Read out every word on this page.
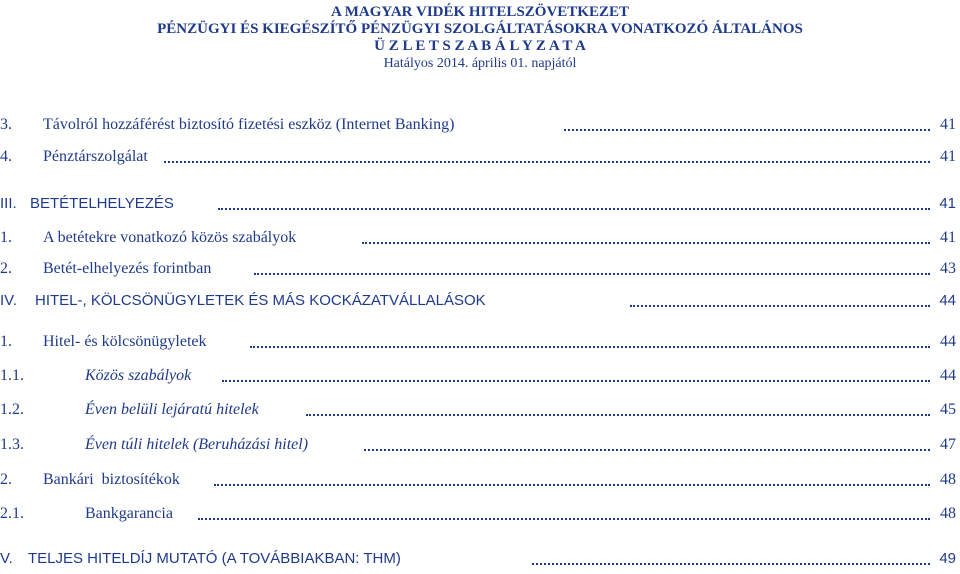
A MAGYAR VIDÉK HITELSZÖVETKEZET
PÉNZÜGYI ÉS KIEGÉSZÍTŐ PÉNZÜGYI SZOLGÁLTATÁSOKRA VONATKOZÓ ÁLTALÁNOS
Ü Z L E T S Z A B Á L Y Z A T A
Hatályos 2014. április 01. napjától
3. Távolról hozzáférést biztosító fizetési eszköz (Internet Banking)	41
4. Pénztárszolgálat	41
III. BETÉTELHELYEZÉS	41
1. A betétekre vonatkozó közös szabályok	41
2. Betét-elhelyezés forintban	43
IV. HITEL-, KÖLCSÖNÜGYLETEK ÉS MÁS KOCKÁZATVÁLLALÁSOK	44
1. Hitel- és kölcsönügyletek	44
1.1.	Közös szabályok	44
1.2.	Éven belüli lejáratú hitelek	45
1.3.	Éven túli hitelek (Beruházási hitel)	47
2. Bankári  biztosítékok	48
2.1.	Bankgarancia	48
V. TELJES HITELDÍJ MUTATÓ (A TOVÁBBIAKBAN: THM)	49
